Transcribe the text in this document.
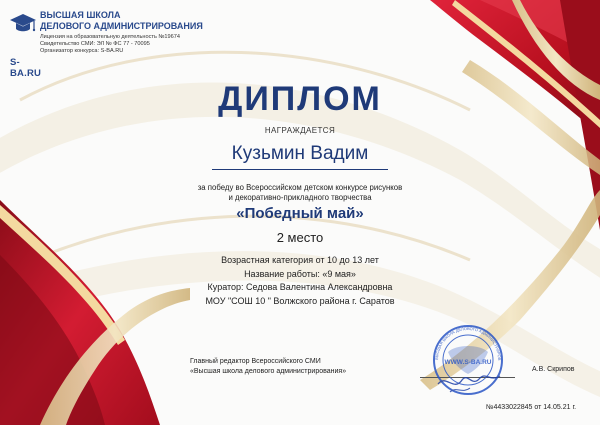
ВЫСШАЯ ШКОЛА
ДЕЛОВОГО АДМИНИСТРИРОВАНИЯ
Лицензия на образовательную деятельность №19674
Свидетельство СМИ: ЭЛ № ФС 77 - 70095
Организатор конкурса: S-BA.RU
S-BA.RU
ДИПЛОМ
НАГРАЖДАЕТСЯ
Кузьмин Вадим
за победу во Всероссийском детском конкурсе рисунков
и декоративно-прикладного творчества
«Победный май»
2 место
Возрастная категория от 10 до 13 лет
Название работы: «9 мая»
Куратор: Седова Валентина Александровна
МОУ "СОШ 10 " Волжского района г. Саратов
Главный редактор Всероссийского СМИ
«Высшая школа делового администрирования»
WWW.S-BA.RU
ВЫСШАЯ ШКОЛА ДЕЛОВОГО АДМИНИСТРИРОВ
А.В. Скрипов
№4433022845 от 14.05.21 г.
